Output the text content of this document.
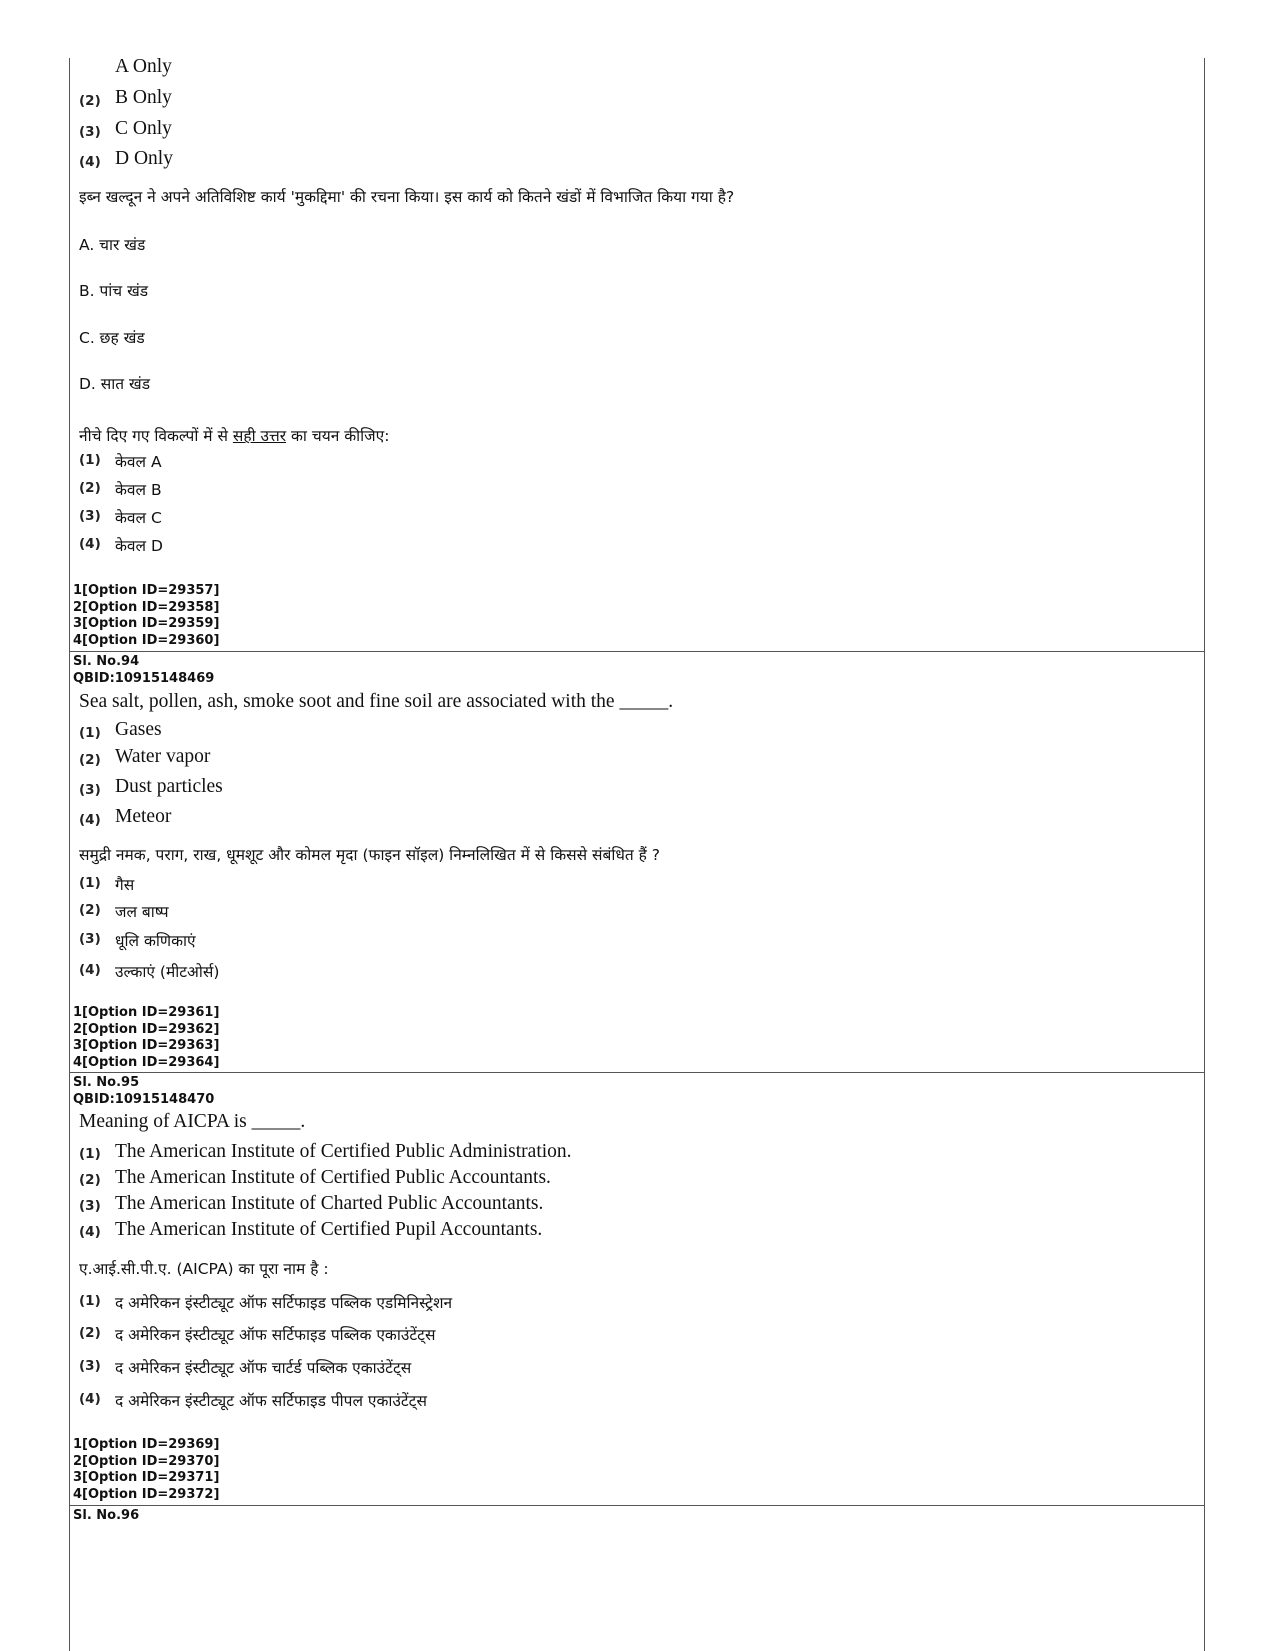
A Only
(2) B Only
(3) C Only
(4) D Only
इब्न खल्दून ने अपने अतिविशिष्ट कार्य 'मुकद्दिमा' की रचना किया। इस कार्य को कितने खंडों में विभाजित किया गया है?
A. चार खंड
B. पांच खंड
C. छह खंड
D. सात खंड
नीचे दिए गए विकल्पों में से सही उत्तर का चयन कीजिए:
(1) केवल A
(2) केवल B
(3) केवल C
(4) केवल D
1[Option ID=29357]
2[Option ID=29358]
3[Option ID=29359]
4[Option ID=29360]
Sl. No.94
QBID:10915148469
Sea salt, pollen, ash, smoke soot and fine soil are associated with the _____.
(1) Gases
(2) Water vapor
(3) Dust particles
(4) Meteor
समुद्री नमक, पराग, राख, धूमशूट और कोमल मृदा (फाइन सॉइल) निम्नलिखित में से किससे संबंधित हैं ?
(1) गैस
(2) जल बाष्प
(3) धूलि कणिकाएं
(4) उल्काएं (मीटओर्स)
1[Option ID=29361]
2[Option ID=29362]
3[Option ID=29363]
4[Option ID=29364]
Sl. No.95
QBID:10915148470
Meaning of AICPA is _____.
(1) The American Institute of Certified Public Administration.
(2) The American Institute of Certified Public Accountants.
(3) The American Institute of Charted Public Accountants.
(4) The American Institute of Certified Pupil Accountants.
ए.आई.सी.पी.ए. (AICPA) का पूरा नाम है :
(1) द अमेरिकन इंस्टीट्यूट ऑफ सर्टिफाइड पब्लिक एडमिनिस्ट्रेशन
(2) द अमेरिकन इंस्टीट्यूट ऑफ सर्टिफाइड पब्लिक एकाउंटेंट्स
(3) द अमेरिकन इंस्टीट्यूट ऑफ चार्टर्ड पब्लिक एकाउंटेंट्स
(4) द अमेरिकन इंस्टीट्यूट ऑफ सर्टिफाइड पीपल एकाउंटेंट्स
1[Option ID=29369]
2[Option ID=29370]
3[Option ID=29371]
4[Option ID=29372]
Sl. No.96
